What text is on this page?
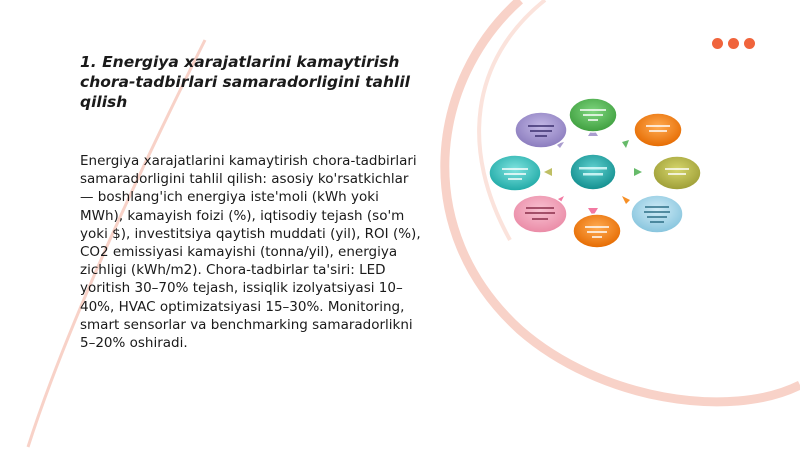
1. Energiya xarajatlarini kamaytirish chora-tadbirlari samaradorligini tahlil qilish

Energiya xarajatlarini kamaytirish chora-tadbirlari samaradorligini tahlil qilish: asosiy ko'rsatkichlar — boshlang'ich energiya iste'moli (kWh yoki MWh), kamayish foizi (%), iqtisodiy tejash (so'm yoki $), investitsiya qaytish muddati (yil), ROI (%), CO2 emissiyasi kamayishi (tonna/yil), energiya zichligi (kWh/m2). Chora-tadbirlar ta'siri: LED yoritish 30–70% tejash, issiqlik izolyatsiyasi 10–40%, HVAC optimizatsiyasi 15–30%. Monitoring, smart sensorlar va benchmarking samaradorlikni 5–20% oshiradi.
